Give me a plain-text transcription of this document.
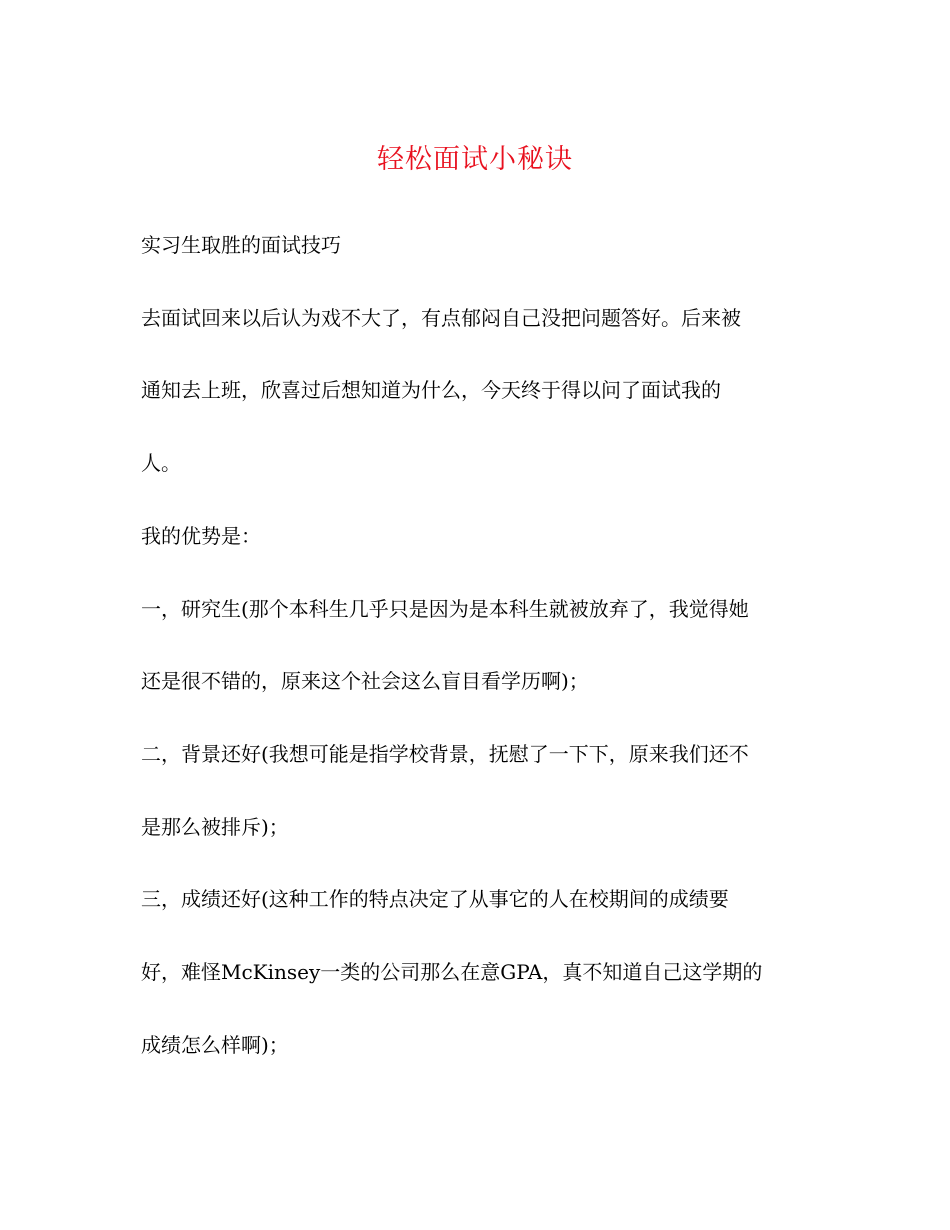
轻松面试小秘诀
实习生取胜的面试技巧
去面试回来以后认为戏不大了，有点郁闷自己没把问题答好。后来被
通知去上班，欣喜过后想知道为什么，今天终于得以问了面试我的
人。
我的优势是：
一，研究生(那个本科生几乎只是因为是本科生就被放弃了，我觉得她
还是很不错的，原来这个社会这么盲目看学历啊)；
二，背景还好(我想可能是指学校背景，抚慰了一下下，原来我们还不
是那么被排斥)；
三，成绩还好(这种工作的特点决定了从事它的人在校期间的成绩要
好，难怪McKinsey一类的公司那么在意GPA，真不知道自己这学期的
成绩怎么样啊)；
